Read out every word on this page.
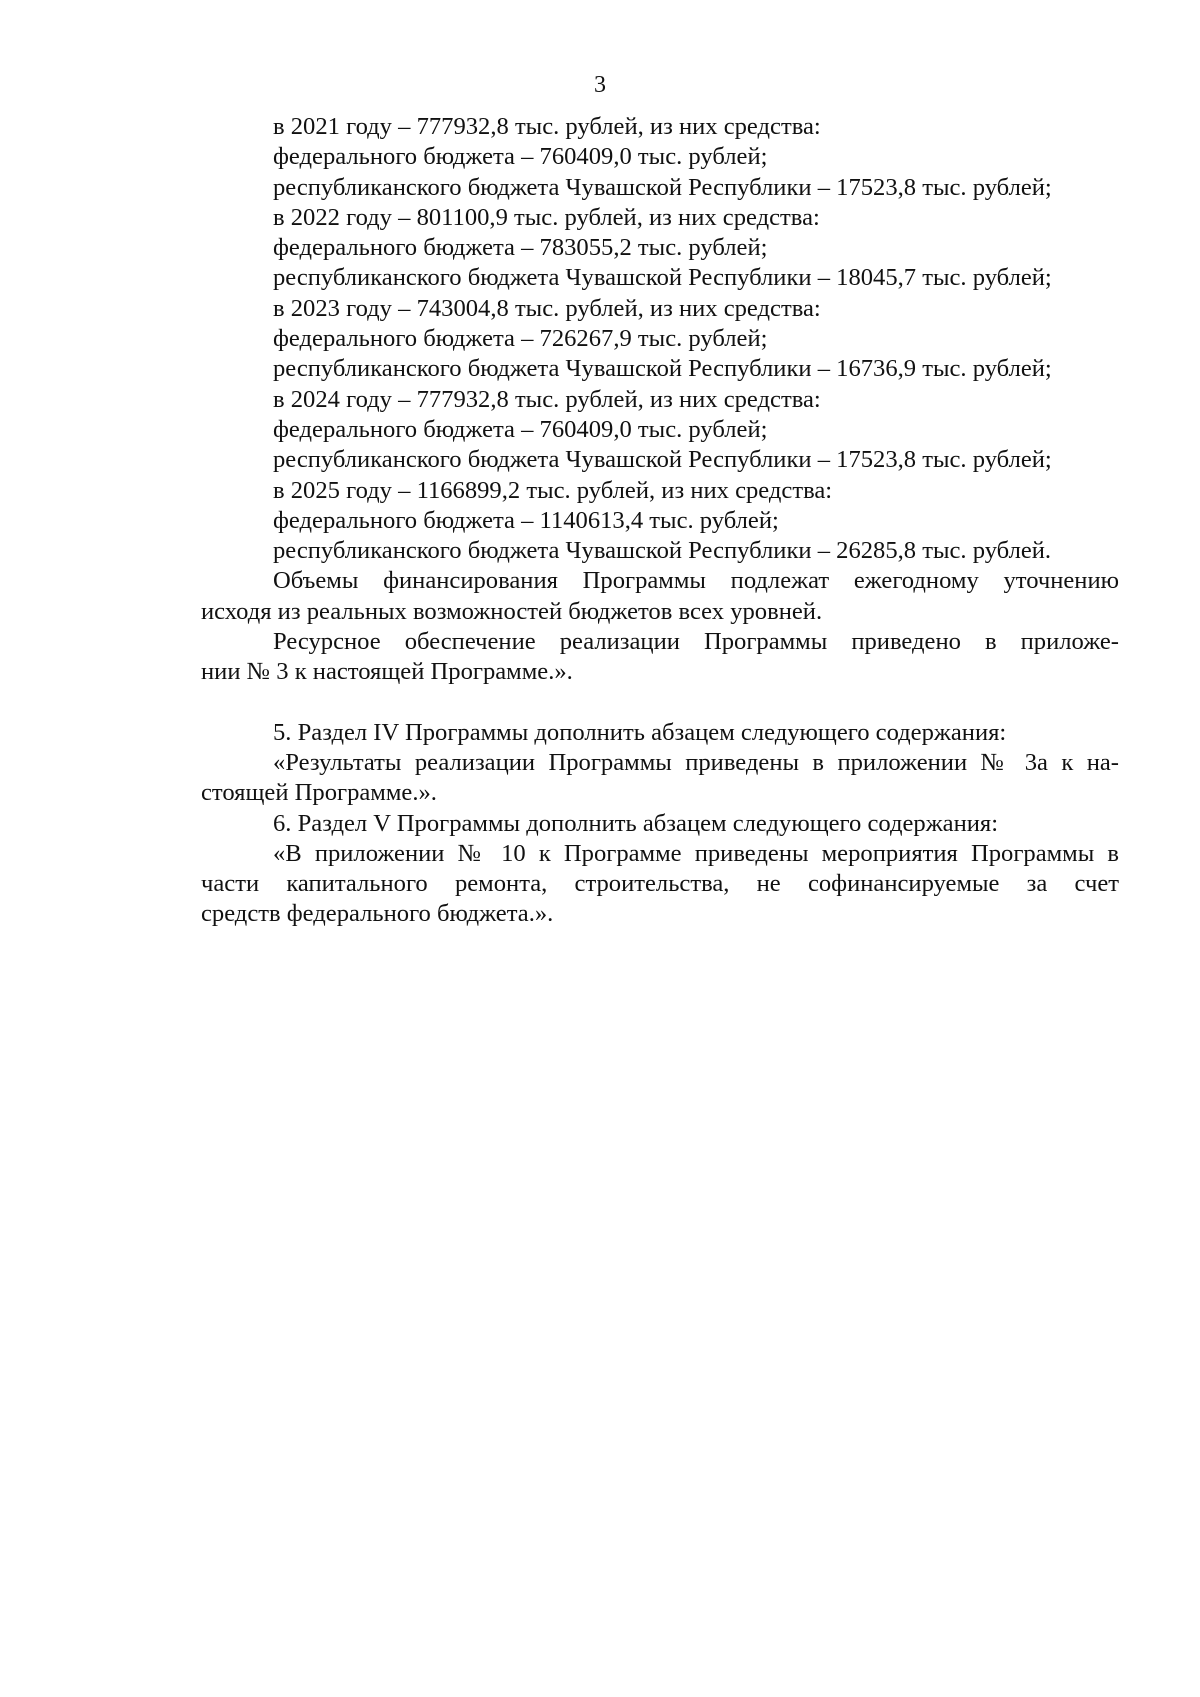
3
в 2021 году – 777932,8 тыс. рублей, из них средства:
федерального бюджета – 760409,0 тыс. рублей;
республиканского бюджета Чувашской Республики – 17523,8 тыс. рублей;
в 2022 году – 801100,9 тыс. рублей, из них средства:
федерального бюджета – 783055,2 тыс. рублей;
республиканского бюджета Чувашской Республики – 18045,7 тыс. рублей;
в 2023 году – 743004,8 тыс. рублей, из них средства:
федерального бюджета – 726267,9 тыс. рублей;
республиканского бюджета Чувашской Республики – 16736,9 тыс. рублей;
в 2024 году – 777932,8 тыс. рублей, из них средства:
федерального бюджета – 760409,0 тыс. рублей;
республиканского бюджета Чувашской Республики – 17523,8 тыс. рублей;
в 2025 году – 1166899,2 тыс. рублей, из них средства:
федерального бюджета – 1140613,4 тыс. рублей;
республиканского бюджета Чувашской Республики – 26285,8 тыс. рублей.
Объемы финансирования Программы подлежат ежегодному уточнению
исходя из реальных возможностей бюджетов всех уровней.
Ресурсное обеспечение реализации Программы приведено в приложе-
нии № 3 к настоящей Программе.».
5. Раздел IV Программы дополнить абзацем следующего содержания:
«Результаты реализации Программы приведены в приложении № 3а к на-
стоящей Программе.».
6. Раздел V Программы дополнить абзацем следующего содержания:
«В приложении № 10 к Программе приведены мероприятия Программы в
части капитального ремонта, строительства, не софинансируемые за счет
средств федерального бюджета.».
